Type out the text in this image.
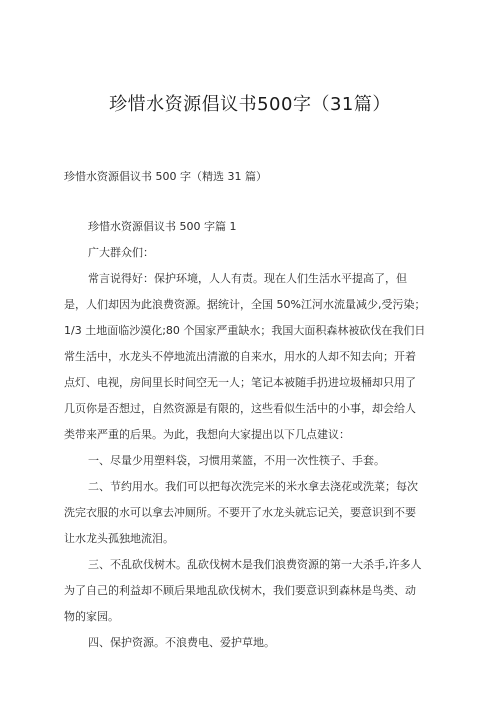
珍惜水资源倡议书500字（31篇）
珍惜水资源倡议书 500 字（精选 31 篇）
珍惜水资源倡议书 500 字篇 1
广大群众们：
常言说得好：保护环境，人人有责。现在人们生活水平提高了，但
是，人们却因为此浪费资源。据统计，全国 50%江河水流量减少,受污染；
1/3 土地面临沙漠化;80 个国家严重缺水；我国大面积森林被砍伐在我们日
常生活中，水龙头不停地流出清澈的自来水，用水的人却不知去向；开着
点灯、电视，房间里长时间空无一人；笔记本被随手扔进垃圾桶却只用了
几页你是否想过，自然资源是有限的，这些看似生活中的小事，却会给人
类带来严重的后果。为此，我想向大家提出以下几点建议：
一、尽量少用塑料袋，习惯用菜篮，不用一次性筷子、手套。
二、节约用水。我们可以把每次洗完米的米水拿去浇花或洗菜；每次
洗完衣服的水可以拿去冲厕所。不要开了水龙头就忘记关，要意识到不要
让水龙头孤独地流泪。
三、不乱砍伐树木。乱砍伐树木是我们浪费资源的第一大杀手,许多人
为了自己的利益却不顾后果地乱砍伐树木，我们要意识到森林是鸟类、动
物的家园。
四、保护资源。不浪费电、爱护草地。
